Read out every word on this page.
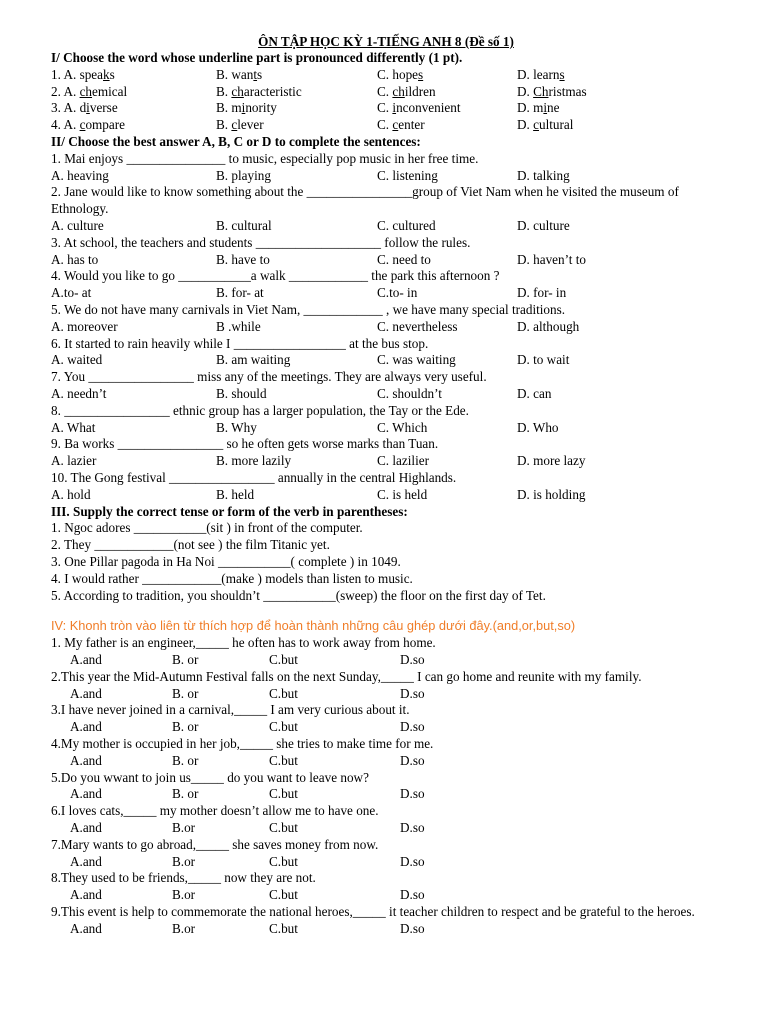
ÔN TẬP HỌC KỲ 1-TIẾNG ANH 8 (Đề số 1)
I/ Choose the word whose underline part is pronounced differently (1 pt).
1. A. speaks	B. wants	C. hopes	D. learns
2. A. chemical	B. characteristic	C. children	D. Christmas
3. A. diverse	B. minority	C. inconvenient	D. mine
4. A. compare	B. clever	C. center	D. cultural
II/ Choose the best answer A, B, C or D to complete the sentences:
1. Mai enjoys _______________ to music, especially pop music in her free time.
A. heaving	B. playing	C. listening	D. talking
2. Jane would like to know something about the ________________group of Viet Nam when he visited the museum of Ethnology.
A. culture	B. cultural	C. cultured	D. culture
3. At school, the teachers and students ___________________ follow the rules.
A. has to	B. have to	C. need to	D. haven’t to
4. Would you like to go ___________a walk ____________ the park this afternoon ?
A.to- at	B. for- at	C.to- in	D. for- in
5. We do not have many carnivals in Viet Nam, ____________ , we have many special traditions.
A. moreover	B .while	C. nevertheless	D. although
6. It started to rain heavily while I _________________ at the bus stop.
A. waited	B. am waiting	C. was waiting	D. to wait
7. You ________________ miss any of the meetings. They are always very useful.
A. needn’t	B. should	C. shouldn’t	D. can
8. ________________ ethnic group has a larger population, the Tay or the Ede.
A. What	B. Why	C. Which	D. Who
9. Ba works ________________ so he often gets worse marks than Tuan.
A. lazier	B. more lazily	C. lazilier	D. more lazy
10. The Gong festival ________________ annually in the central Highlands.
A. hold	B. held	C. is held	D. is holding
III. Supply the correct tense or form of the verb in parentheses:
1. Ngoc adores ___________(sit ) in front of the computer.
2. They ____________(not see ) the film Titanic yet.
3. One Pillar pagoda in Ha Noi ___________( complete ) in 1049.
4. I would rather ____________(make ) models than listen to music.
5. According to tradition, you shouldn’t ___________(sweep) the floor on the first day of Tet.
IV: Khonh tròn vào liên từ thích hợp để hoàn thành những câu ghép dưới đây.(and,or,but,so)
1. My father is an engineer,_____ he often has to work away from home.
A.and	B. or	C.but	D.so
2.This year the Mid-Autumn Festival falls on the next Sunday,_____ I can go home and reunite with my family.
A.and	B. or	C.but	D.so
3.I have never joined in a carnival,_____ I am very curious about it.
A.and	B. or	C.but	D.so
4.My mother is occupied in her job,_____ she tries to make time for me.
A.and	B. or	C.but	D.so
5.Do you wwant to join us_____ do you want to leave now?
A.and	B. or	C.but	D.so
6.I loves cats,_____ my mother doesn’t allow me to have one.
A.and	B.or	C.but	D.so
7.Mary wants to go abroad,_____ she saves money from now.
A.and	B.or	C.but	D.so
8.They used to be friends,_____ now they are not.
A.and	B.or	C.but	D.so
9.This event is help to commemorate the national heroes,_____ it teacher children to respect and be grateful to the heroes.
A.and	B.or	C.but	D.so
